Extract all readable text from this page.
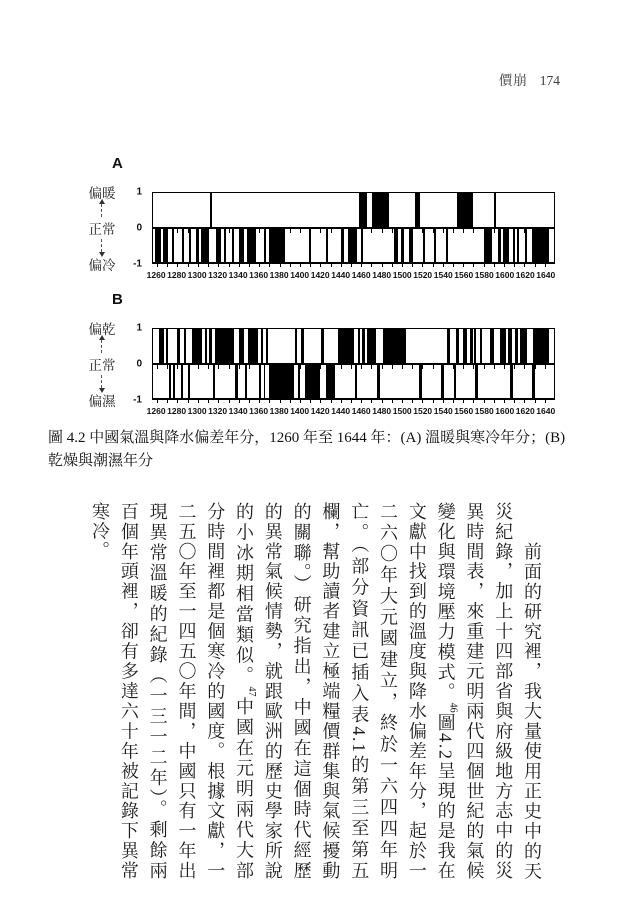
價崩 174
A
偏暖
正常
偏冷
1
0
-1
1260 1280 1300 1320 1340 1360 1380 1400 1420 1440 1460 1480 1500 1520 1540 1560 1580 1600 1620 1640
B
偏乾
正常
偏濕
1
0
-1
1260 1280 1300 1320 1340 1360 1380 1400 1420 1440 1460 1480 1500 1520 1540 1560 1580 1600 1620 1640
圖 4.2 中國氣溫與降水偏差年分，1260 年至 1644 年：(A) 溫暖與寒冷年分；(B)
乾燥與潮濕年分
前面的研究裡，我大量使用正史中的天災紀錄，加上十四部省與府級地方志中的災異時間表，來重建元明兩代四個世紀的氣候變化與環境壓力模式。$^{46}$圖4.2呈現的是我在文獻中找到的溫度與降水偏差年分，起於一二六〇年大元國建立，終於一六四四年明亡。（部分資訊已插入表4.1的第三至第五欄，幫助讀者建立極端糧價群集與氣候擾動的關聯。）研究指出，中國在這個時代經歷的異常氣候情勢，就跟歐洲的歷史學家所說的小冰期相當類似。$^{47}$中國在元明兩代大部分時間裡都是個寒冷的國度。根據文獻，一二五〇年至一四五〇年間，中國只有一年出現異常溫暖的紀錄（一三一二年）。剩餘兩百個年頭裡，卻有多達六十年被記錄下異常寒冷。
